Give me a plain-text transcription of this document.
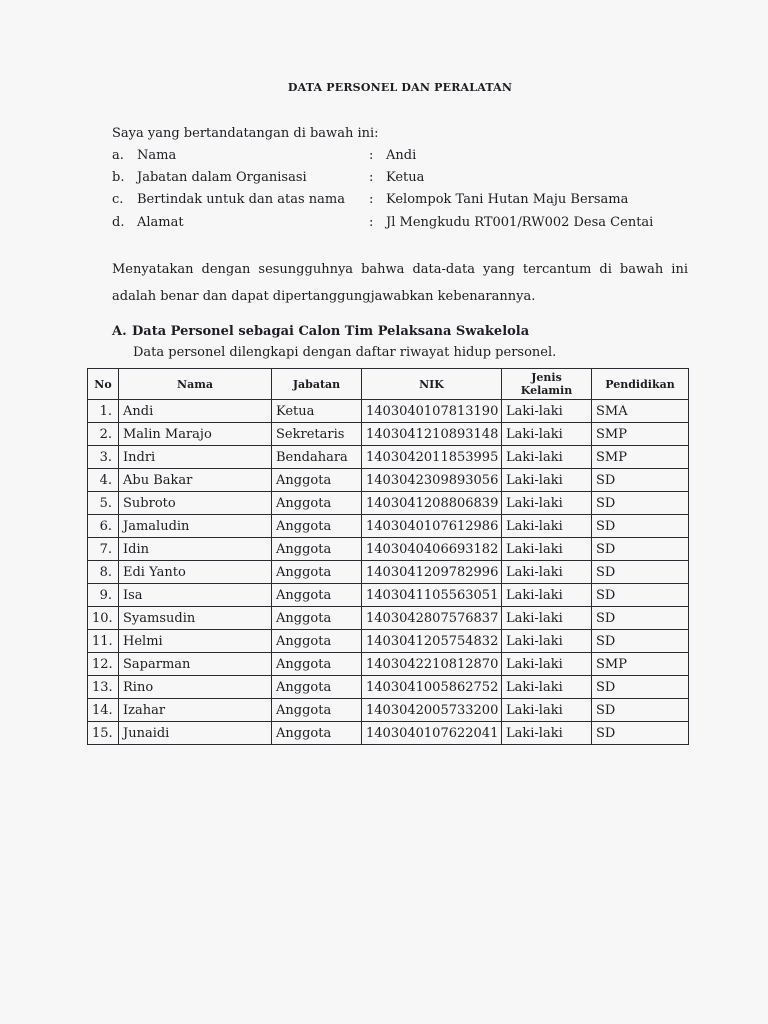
DATA PERSONEL DAN PERALATAN
Saya yang bertandatangan di bawah ini:
a.	Nama	: Andi
b. Jabatan dalam Organisasi	: Ketua
c.	Bertindak untuk dan atas nama : Kelompok Tani Hutan Maju Bersama
d. Alamat	: Jl Mengkudu RT001/RW002 Desa Centai
Menyatakan dengan sesungguhnya bahwa data-data yang tercantum di bawah ini adalah benar dan dapat dipertanggungjawabkan kebenarannya.
A. Data Personel sebagai Calon Tim Pelaksana Swakelola
Data personel dilengkapi dengan daftar riwayat hidup personel.
No	Nama	Jabatan	NIK	Jenis Kelamin	Pendidikan
1.	Andi	Ketua	1403040107813190	Laki-laki	SMA
2.	Malin Marajo	Sekretaris	1403041210893148	Laki-laki	SMP
3.	Indri	Bendahara	1403042011853995	Laki-laki	SMP
4.	Abu Bakar	Anggota	1403042309893056	Laki-laki	SD
5.	Subroto	Anggota	1403041208806839	Laki-laki	SD
6.	Jamaludin	Anggota	1403040107612986	Laki-laki	SD
7.	Idin	Anggota	1403040406693182	Laki-laki	SD
8.	Edi Yanto	Anggota	1403041209782996	Laki-laki	SD
9.	Isa	Anggota	1403041105563051	Laki-laki	SD
10.	Syamsudin	Anggota	1403042807576837	Laki-laki	SD
11.	Helmi	Anggota	1403041205754832	Laki-laki	SD
12.	Saparman	Anggota	1403042210812870	Laki-laki	SMP
13.	Rino	Anggota	1403041005862752	Laki-laki	SD
14.	Izahar	Anggota	1403042005733200	Laki-laki	SD
15.	Junaidi	Anggota	1403040107622041	Laki-laki	SD
